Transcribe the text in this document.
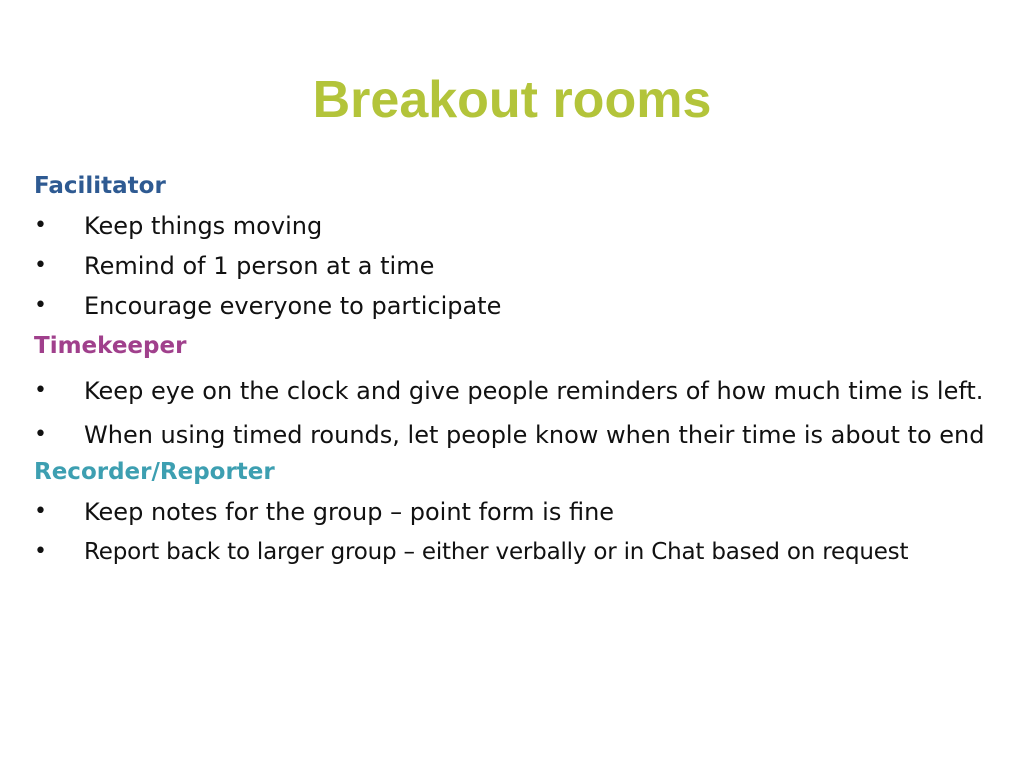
Breakout rooms
Facilitator
•	Keep things moving
•	Remind of 1 person at a time
•	Encourage everyone to participate
Timekeeper
•	Keep eye on the clock and give people reminders of how much time is left.
•	When using timed rounds, let people know when their time is about to end
Recorder/Reporter
•	Keep notes for the group – point form is fine
•	Report back to larger group – either verbally or in Chat based on request
